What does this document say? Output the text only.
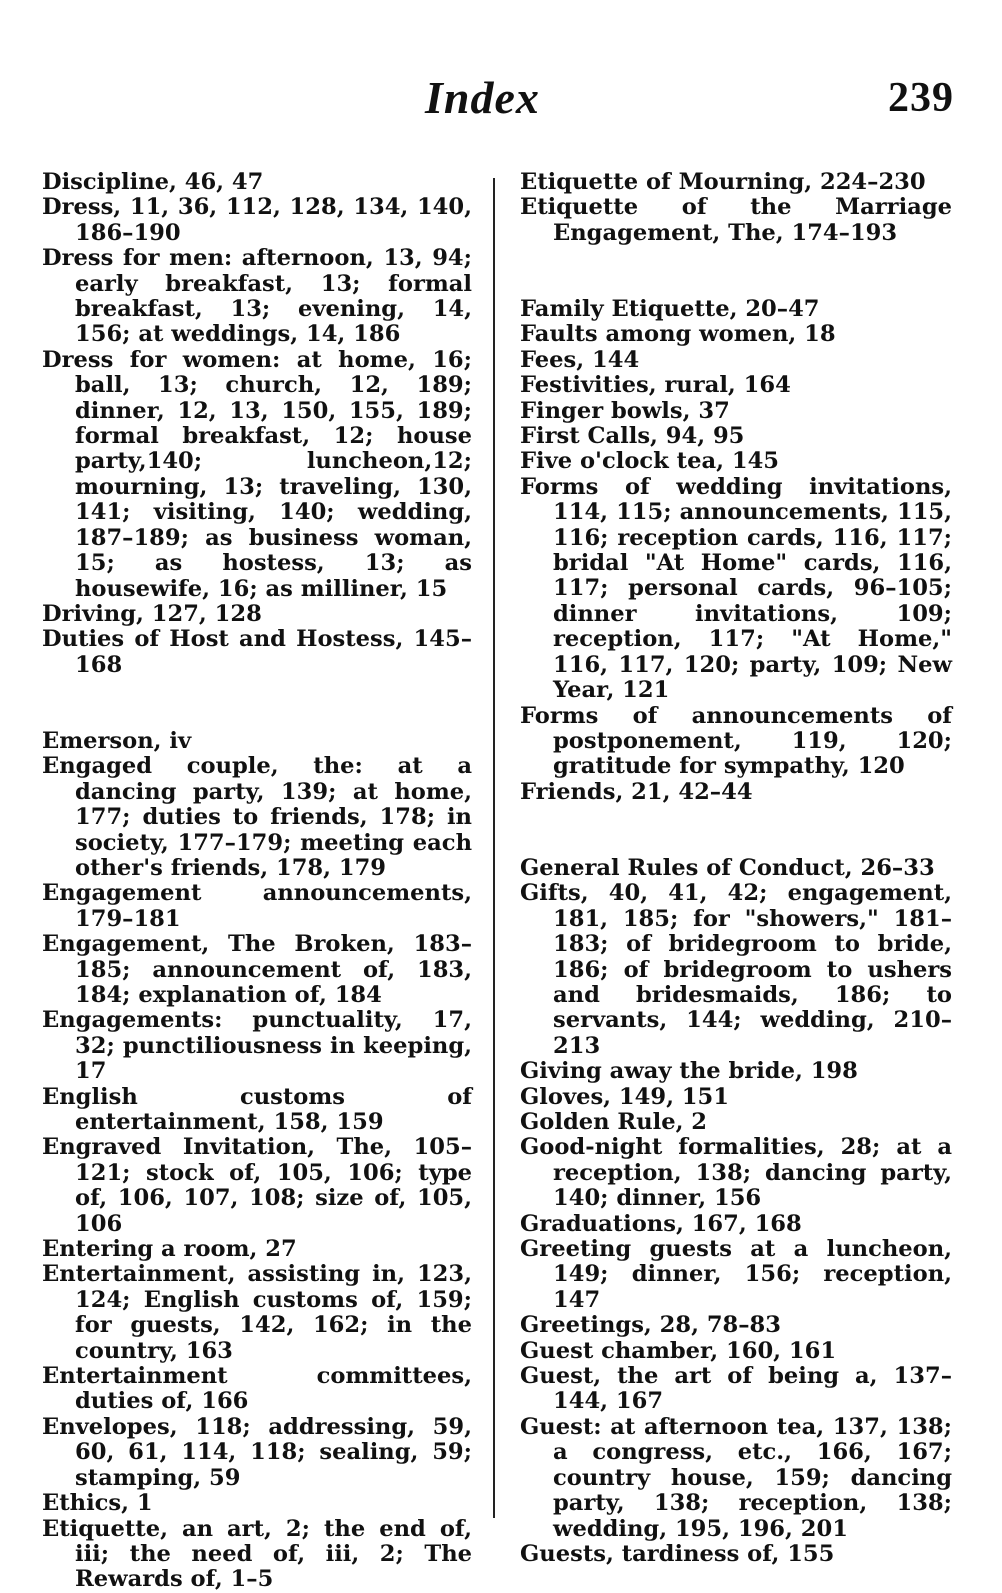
Index	239
Discipline, 46, 47
Dress, 11, 36, 112, 128, 134, 140, 186–190
Dress for men: afternoon, 13, 94; early breakfast, 13; formal breakfast, 13; evening, 14, 156; at weddings, 14, 186
Dress for women: at home, 16; ball, 13; church, 12, 189; dinner, 12, 13, 150, 155, 189; formal breakfast, 12; house party,140; luncheon,12; mourning, 13; traveling, 130, 141; visiting, 140; wedding, 187–189; as business woman, 15; as hostess, 13; as housewife, 16; as milliner, 15
Driving, 127, 128
Duties of Host and Hostess, 145–168
Emerson, iv
Engaged couple, the: at a dancing party, 139; at home, 177; duties to friends, 178; in society, 177–179; meeting each other's friends, 178, 179
Engagement announcements, 179–181
Engagement, The Broken, 183–185; announcement of, 183, 184; explanation of, 184
Engagements: punctuality, 17, 32; punctiliousness in keeping, 17
English customs of entertainment, 158, 159
Engraved Invitation, The, 105–121; stock of, 105, 106; type of, 106, 107, 108; size of, 105, 106
Entering a room, 27
Entertainment, assisting in, 123, 124; English customs of, 159; for guests, 142, 162; in the country, 163
Entertainment committees, duties of, 166
Envelopes, 118; addressing, 59, 60, 61, 114, 118; sealing, 59; stamping, 59
Ethics, 1
Etiquette, an art, 2; the end of, iii; the need of, iii, 2; The Rewards of, 1–5
Etiquette of Mourning, 224–230
Etiquette of the Marriage Engagement, The, 174–193
Family Etiquette, 20–47
Faults among women, 18
Fees, 144
Festivities, rural, 164
Finger bowls, 37
First Calls, 94, 95
Five o'clock tea, 145
Forms of wedding invitations, 114, 115; announcements, 115, 116; reception cards, 116, 117; bridal "At Home" cards, 116, 117; personal cards, 96–105; dinner invitations, 109; reception, 117; "At Home," 116, 117, 120; party, 109; New Year, 121
Forms of announcements of postponement, 119, 120; gratitude for sympathy, 120
Friends, 21, 42–44
General Rules of Conduct, 26–33
Gifts, 40, 41, 42; engagement, 181, 185; for "showers," 181–183; of bridegroom to bride, 186; of bridegroom to ushers and bridesmaids, 186; to servants, 144; wedding, 210–213
Giving away the bride, 198
Gloves, 149, 151
Golden Rule, 2
Good-night formalities, 28; at a reception, 138; dancing party, 140; dinner, 156
Graduations, 167, 168
Greeting guests at a luncheon, 149; dinner, 156; reception, 147
Greetings, 28, 78–83
Guest chamber, 160, 161
Guest, the art of being a, 137–144, 167
Guest: at afternoon tea, 137, 138; a congress, etc., 166, 167; country house, 159; dancing party, 138; reception, 138; wedding, 195, 196, 201
Guests, tardiness of, 155
